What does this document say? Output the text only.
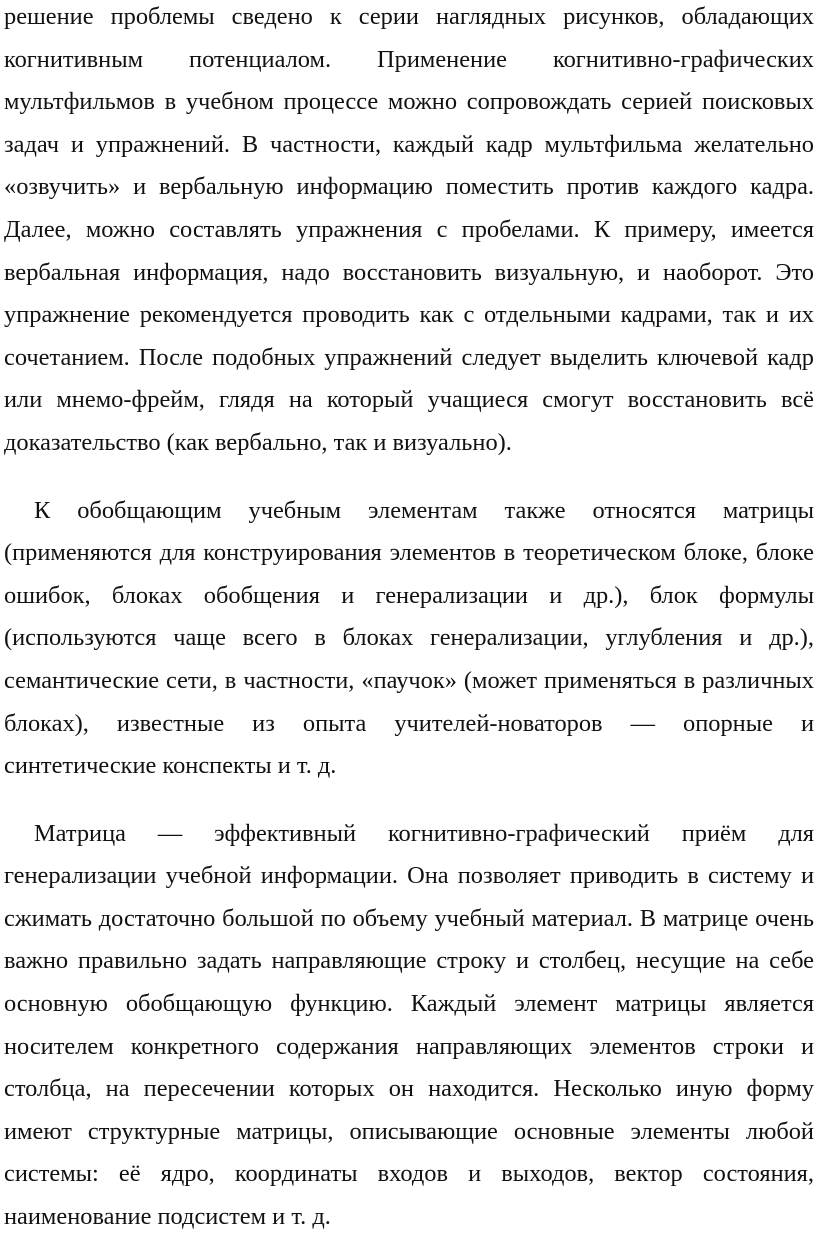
решение проблемы сведено к серии наглядных рисунков, обладающих когнитивным потенциалом. Применение когнитивно-графических мультфильмов в учебном процессе можно сопровождать серией поисковых задач и упражнений. В частности, каждый кадр мультфильма желательно «озвучить» и вербальную информацию поместить против каждого кадра. Далее, можно составлять упражнения с пробелами. К примеру, имеется вербальная информация, надо восстановить визуальную, и наоборот. Это упражнение рекомендуется проводить как с отдельными кадрами, так и их сочетанием. После подобных упражнений следует выделить ключевой кадр или мнемо-фрейм, глядя на который учащиеся смогут восстановить всё доказательство (как вербально, так и визуально).

К обобщающим учебным элементам также относятся матрицы (применяются для конструирования элементов в теоретическом блоке, блоке ошибок, блоках обобщения и генерализации и др.), блок формулы (используются чаще всего в блоках генерализации, углубления и др.), семантические сети, в частности, «паучок» (может применяться в различных блоках), известные из опыта учителей-новаторов — опорные и синтетические конспекты и т. д.

Матрица — эффективный когнитивно-графический приём для генерализации учебной информации. Она позволяет приводить в систему и сжимать достаточно большой по объему учебный материал. В матрице очень важно правильно задать направляющие строку и столбец, несущие на себе основную обобщающую функцию. Каждый элемент матрицы является носителем конкретного содержания направляющих элементов строки и столбца, на пересечении которых он находится. Несколько иную форму имеют структурные матрицы, описывающие основные элементы любой системы: её ядро, координаты входов и выходов, вектор состояния, наименование подсистем и т. д.
